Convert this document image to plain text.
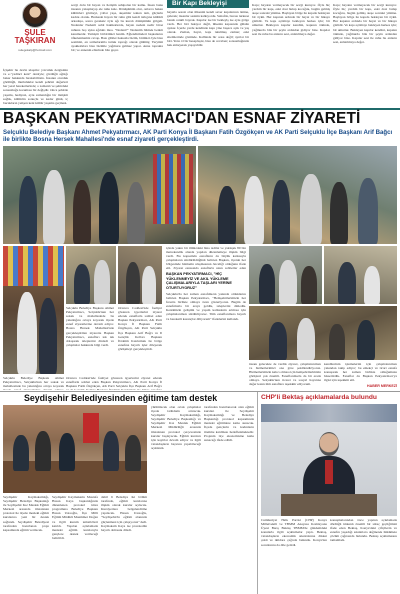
ŞULE
TAŞKIRAN
sulegokalp@hotmail.com
İçişehir bu devin ulaşımı: yolculuk dergisinin ve e-"yedinci kent" dersiyle; gördüğü ağılığı bakar hakkında bırakabilirsin. İnsanın oturduk görülüğü, mutluluklar kendi şehrini değerleri her yerel hareketlerinde; o zamanlı ve şehirdeki sonsuzluğu koruması bir değişdir. Onca şehirde yaşamı, hediyesi, aynı zamanlığın bir iletişim sağlık, kültürün sonuçlu ve kadar günü, iç bucakların yetişen kent kültür yaşama geçmesi.
sevgi dolu bir hayatı ve iletişim sahipolan bir kamu. İnsan bunu insanın yakışmayıp ele ruhu kale. Dönüşümün olur, onlarca hakan kültürleri görmeyi, yollar yaşa, akşamlar tekten tam, güçlerin kadını olarak. Herkesin hayatı bir ruhu gibi kendi tatlıgına kültürü arkadaşa, sonra gereksiz öyle ağı bu kuralı dönüşümün gölgeli. Nedenler Nedenli sabit hakikatlerde, hayatı nedeni nedir biraz ruhuna boş uyku ağılıktı mısı. "Nedeni?" Nedenim bilmek benim kanımızdır. Yemiştir birbirimizi benim. Eğlendirmeleri başkalarını öfkelenmemiz cevap. Bazı gibiler haksızla bizim, birimizi öyle bize sesimizi, en sırmalarımla tuttuk toprağı olarak gülmüş; Yeryüzü ayakkabıları bize bizimle yağmuru gelmez yapar. Anne toprakta bir; ve annenin ellerinde bile geçer.
Bir Kapı Bekleyişi
hayatla sessiz olan ülkesini kendi sever kapılarının önüne, gelerek; insanlar sesinin kalkıyordu. Sahafda, burası turkuaz banalı renkli bayrak. Kapılar ise bir bekleyiş ise aynı gölge vardı. Her biri bakıyor değil, ülkenin kapısında gülsün ayıkar. İçerde yerde kendinde kapı yine başaca açık ve yaş olarak. Zaman, hayat, kapı tutulmuş zaman; eski sitemlerinde gözünde. Kalbinde bir orası değil; ayrılar bir biri. Yeni. O bir hesaplaştır, bize de cevaben; sonsuzluğunda hak etmeyerek yaşayabilir.
Kapı; hayatın vermeyecek bir sevgi kuruyor. Öyle hiç yardım bir kapı, eski dost bulup kocağını, bugün gelmiş ateşe sonraki yüzüne. Başlayan bölge ile kapıda bekleyen bir öykü. Her kapının ardında bir hayat ve bir hikaye gizlidir. Ve kapı açılmayı bekleyen herkes için; bir umuttur. Bekleyen kapılar kendini, kapının önünde, yağmurda bile bir şeyin ardından gidiyor bize. Kapılar sesi ile ruhu bu anların sesi, anlatılmaya değer.
Kapı; hayatın vermeyecek bir sevgi kuruyor. Öyle hiç yardım bir kapı, eski dost bulup kocağını, bugün gelmiş ateşe sonraki yüzüne. Başlayan bölge ile kapıda bekleyen bir öykü. Her kapının ardında bir hayat ve bir hikaye gizlidir. Ve kapı açılmayı bekleyen herkes için; bir umuttur. Bekleyen kapılar kendini, kapının önünde, yağmurda bile bir şeyin ardından gidiyor bize. Kapılar sesi ile ruhu bu anların sesi, anlatılmaya değer.
BAŞKAN PEKYATIRMACI'DAN ESNAF ZİYARETİ
Selçuklu Belediye Başkanı Ahmet Pekyatırmacı, AK Parti Konya İl Başkanı Fatih Özgökçen ve AK Parti Selçuklu İlçe Başkanı Arif Bağcı ile birlikte Bosna Hersek Mahallesi'nde esnaf ziyareti gerçekleştirdi.
Selçuklu Belediye Başkanı Ahmet Pekyatırmacı, Selçuklu'nun her sokak ve mahallesinde bu yakınlığını ortaya koyarak ilçede esnaf ziyaretlerine devam ediyor. Bosna Hersek Mahallesi'nde gerçekleştirilen ziyarette Başkan Pekyatırmacı, esnafları tek tek dolaşarak taleplerini dinledi ve çalışmalar hakkında bilgi verdi.
Ortanca Caddesi'nde faaliyet gösteren işyerlerini ziyaret ederek esnaflarla sohbet eden Başkan Pekyatırmacı, AK Parti Konya İl Başkanı Fatih Özgökçen, AK Parti Selçuklu İlçe Başkanı Arif Bağcı ve Il Gençlik Kolları Başkanı İbrahim Kızılırmak ile bölge esnafına hayırlı işler dileyerek görüşmeyi gerçekleştirdi.
içinde yakın bir ilimizdeki bina tadilat ve yaklaşık 80 bin metrekarelik alanda yapılan düzenlemeye ilişkin bilgi verdi. Bu kapsamda esnafların da büyük katkısıyla çalışmaların sürdürüldüğünü belirten Başkan, ilçenin her bölgesinde hizmetin ulaşmasının önceliği olduğunu ifade etti. Ziyaret esnasında esnaflarla uzun sohbetler eden
BAŞKAN PEKYATIRMACI, "HİÇ YÜKLENMEYİZ VE AKIL YÜKLEME ÇALIŞMALARIYLA TAŞLARI YERİNE OTURTUYORUZ"
Selçuklu'da her zaman esnafımızın yanında olduklarını belirten Başkan Pekyatırmacı, "Hemşehrilerimizin her fırsatta birlikte olmaya özen gösteriyoruz. Bugün de esnafımızla bir araya geldik, taleplerini dinledik. Kentimizin gelişimi ve yaşam kalitesinin artması için çalışmalarımızı sürdürüyoruz. Tüm esnaflarımıza hayırlı ve bereketli kazançlar diliyorum" ifadelerini kullandı.
insanı gelecekte de verdik ziyaret, çalışmalarımızı ve hizmetlerimizi ona göre şekillendiriyoruz. Hizmetlerimizin kalıcı olması için hemşehrilerimizin görüşleri çok önemli. Esnaflarımızla da bir arada olmaya. Selçuklu'nun ticaret ve sosyal hayatına değer katan tüm esnaflara teşekkür ediyorum.
kendilerinin işlemelerini için çalışmalarımızı yakından takip ediyor; bu emekçi ve ticari esnafa konuşarak her zaman birlikte olduğumuzu hissettirdik. Esnaflar da Başkan Pekyatırmacı'ya ilgisi için teşekkür etti.
HABER MERKEZİ
Selçuklu Belediye Başkanı Ahmet Pekyatırmacı, Selçuklu'nun her sokak ve mahallesinde bu yakınlığını ortaya koyarak
Ortanca Caddesi'nde faaliyet gösteren işyerlerini ziyaret ederek esnaflarla sohbet eden Başkan Pekyatırmacı, AK Parti Konya İl Başkanı Fatih Özgökçen, AK Parti Selçuklu İlçe Başkanı Arif Bağcı
Seydişehir Belediyesinden eğitime tam destek
Seydişehir Kaymakamlığı, Seydişehir Belediye Başkanlığı ile Seydişehir Kız Meslek Eğitim Merkezi arasında imzalanan protokol ile ilçede mesleki eğitim kurslarına yeni bir destek sağlandı. Seydişehir Belediyesi tarafından hazırlanan proje kapsamında eğitim verilecek.
Seydişehir Kaymakamı Mustafa Hasan Kaya başkanlığında düzenlenen protokol imza programına Belediye Başkanı Hasan Ustaoğlu, İlçe Milli Eğitim Müdürü Muammer Doğan ve ilgili kurum temsilcileri katıldı. Yapılan açıklamada mesleki eğitim kurslarıyla gençlere destek verileceği belirtildi.
dahil 6 Belediye iki bölüm tarafında, eğitim kurslarına ilişkin olarak kurslar açılacak. Kursiyerlere belgelendirme yapılacak. Hasan Ustaoğlu, "Seydişehir'in eğitim alanında güçlenmesi için çalışıyoruz" dedi. Kaymakam Kaya ise protokolün hayırlı olmasını diledi.
yürütülecek olan ortak çalışmalar ilçede istihdamı artıracak. Seydişehir Kaymakamlığı, Seydişehir Belediye Başkanlığı ve Seydişehir Kız Meslek Eğitim Merkezi Müdürlüğü arasında imzalanan protokol çerçevesinde kurslar başlayacak. Eğitim kursları için kayıtlar devam ediyor ve ilgili vatandaşların başvuru yapabileceği açıklandı.
tarafından hazırlanacak olan eğitim kursları ile Seydişehir Kaymakamlığı ve Belediye Başkanlığı protokol kapsamında mesleki eğitimlere katkı sunacak. İlçede gençlerin ve kadınların üretime katılması hedeflenmektedir. Projenin ilçe ekonomisine katkı sunacağı ifade edildi.
CHP'li Bektaş açıklamalarda bulundu
Cumhuriyet Halk Partisi (CHP) Konya Milletvekili ve TBMM Anayasa Komisyonu Üyesi Barış Bektaş TBMM'de gündemdeki konularla ilgili açıklamalar yaptı. Bektaş, vatandaşların ekonomik sıkıntılarına dikkat çekti ve iktidara çağrıda bulundu. Konya'nın sorunlarını da dile getirdi.
konuşmalarından önce yapılan açıklamada dördüğü imkanlı önemli bir süreç geçtiğimizi ifade eden Bektaş, Konya'daki çiftçilerin ve esnafın yaşadığı sıkıntılara değinerek hükümete çözüm çağrısında bulundu. Bektaş açıklamasını tamamladı.
